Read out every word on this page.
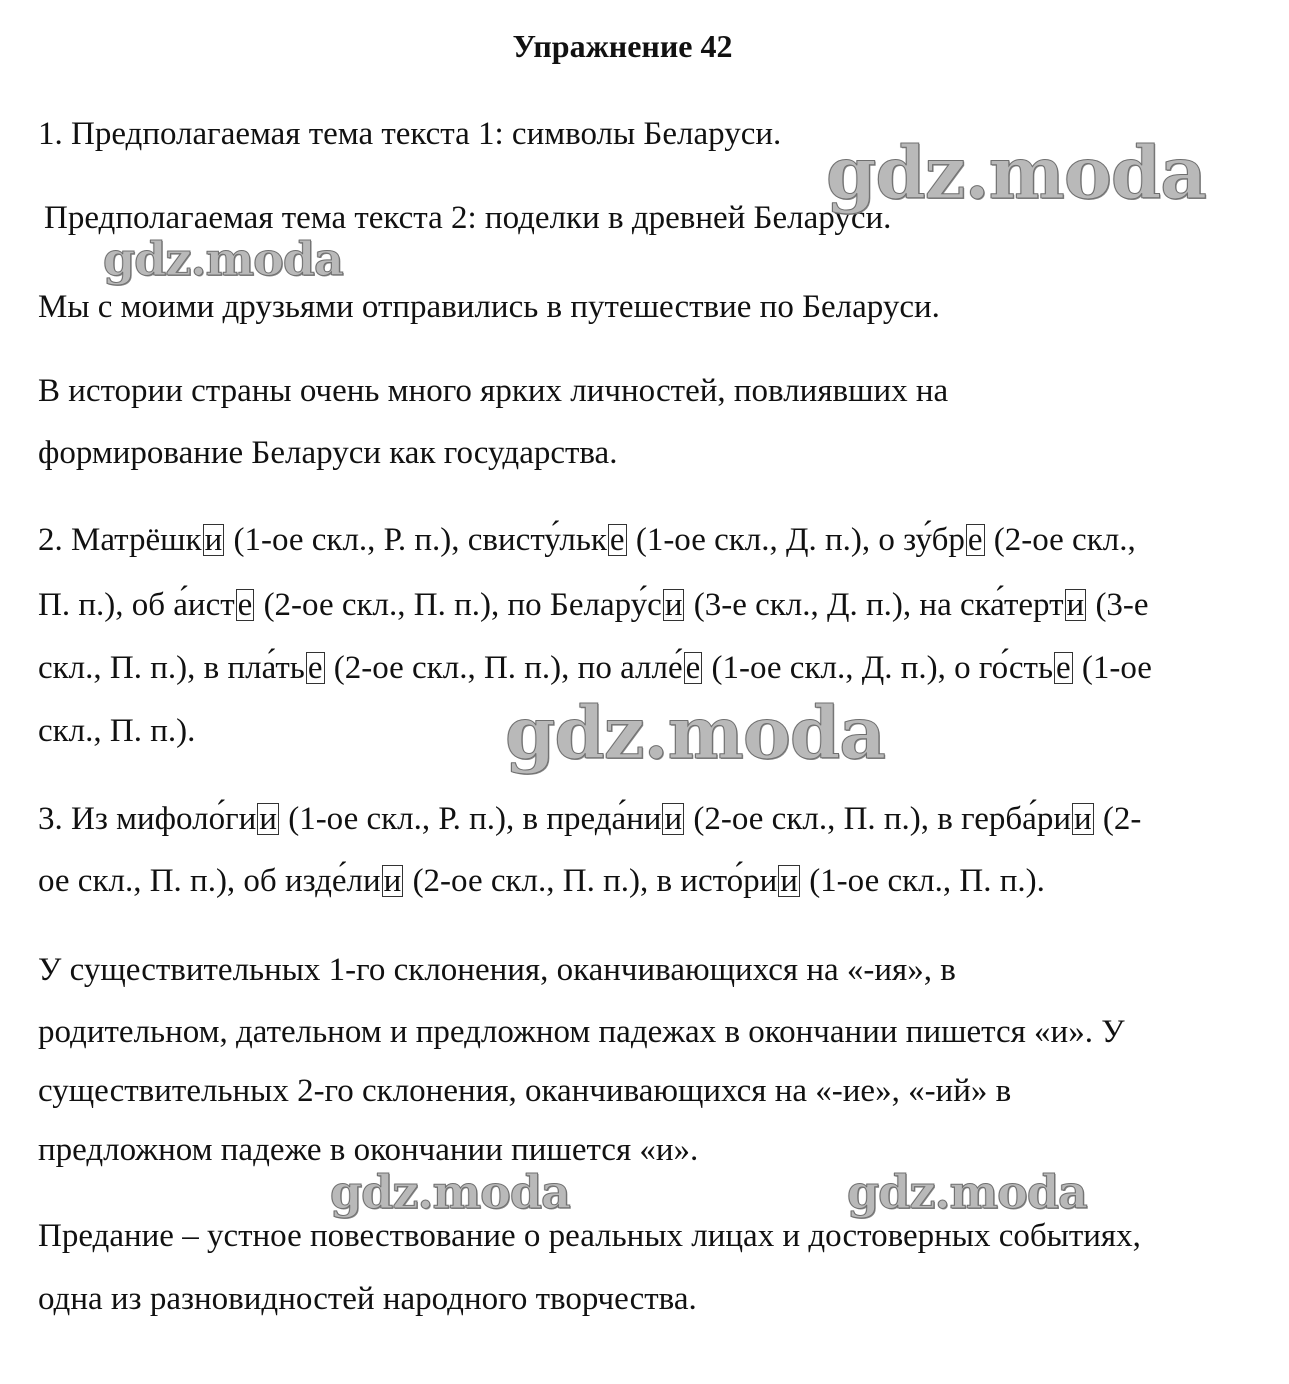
Упражнение 42
1. Предполагаемая тема текста 1: символы Беларуси.
Предполагаемая тема текста 2: поделки в древней Беларуси.
Мы с моими друзьями отправились в путешествие по Беларуси.
В истории страны очень много ярких личностей, повлиявших на
формирование Беларуси как государства.
2. Матрёшки (1-ое скл., Р. п.), свисту́льке (1-ое скл., Д. п.), о зу́бре (2-ое скл.,
П. п.), об а́исте (2-ое скл., П. п.), по Белару́си (3-е скл., Д. п.), на ска́терти (3-е
скл., П. п.), в пла́тье (2-ое скл., П. п.), по алле́е (1-ое скл., Д. п.), о го́стье (1-ое
скл., П. п.).
3. Из мифоло́гии (1-ое скл., Р. п.), в преда́нии (2-ое скл., П. п.), в герба́рии (2-
ое скл., П. п.), об изде́лии (2-ое скл., П. п.), в исто́рии (1-ое скл., П. п.).
У существительных 1-го склонения, оканчивающихся на «-ия», в
родительном, дательном и предложном падежах в окончании пишется «и». У
существительных 2-го склонения, оканчивающихся на «-ие», «-ий» в
предложном падеже в окончании пишется «и».
Предание – устное повествование о реальных лицах и достоверных событиях,
одна из разновидностей народного творчества.
gdz.moda
gdz.moda
gdz.moda
gdz.moda	gdz.moda
